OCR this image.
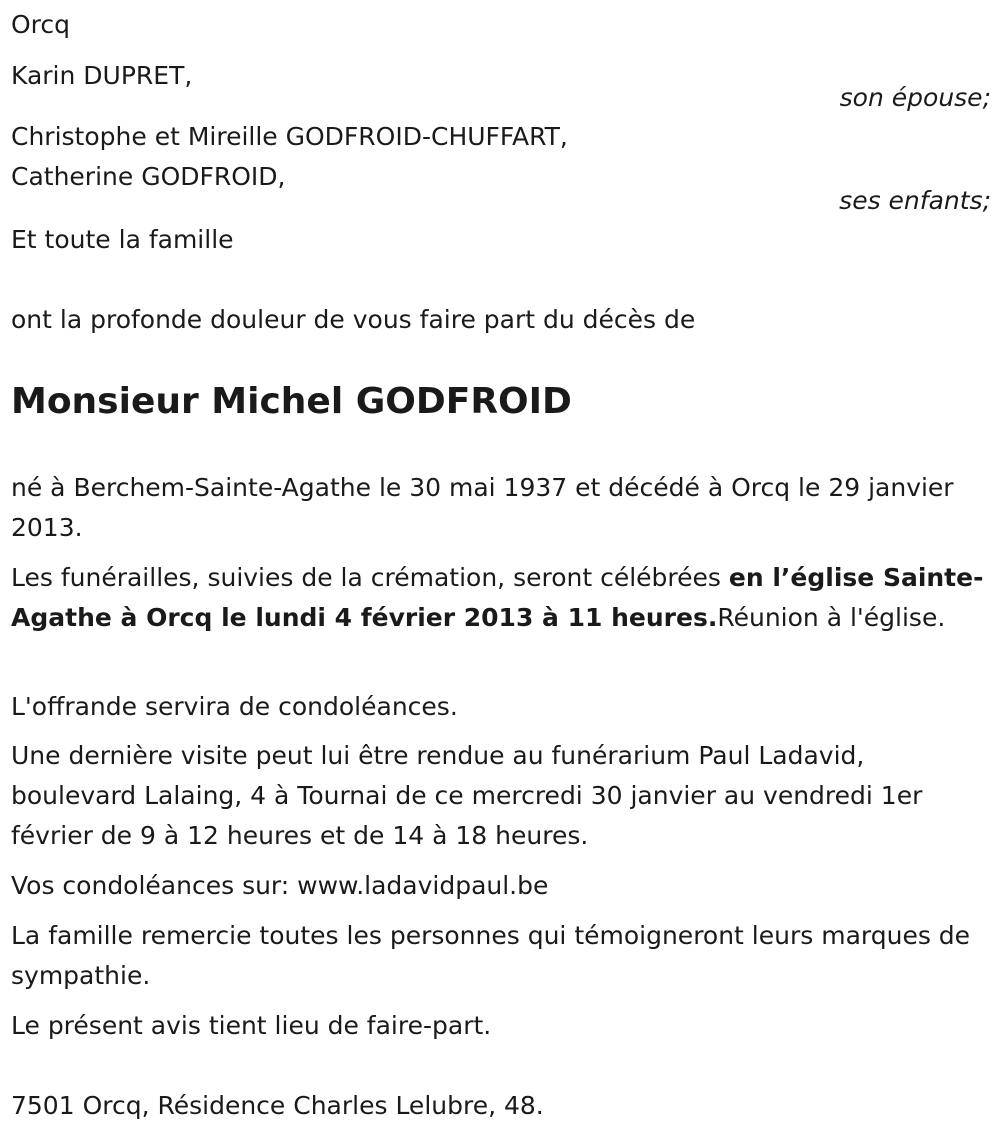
Orcq
Karin DUPRET,
son épouse;
Christophe et Mireille GODFROID-CHUFFART,
Catherine GODFROID,
ses enfants;
Et toute la famille
ont la profonde douleur de vous faire part du décès de
Monsieur Michel GODFROID
né à Berchem-Sainte-Agathe le 30 mai 1937 et décédé à Orcq le 29 janvier 2013.
Les funérailles, suivies de la crémation, seront célébrées en l’église Sainte-Agathe à Orcq le lundi 4 février 2013 à 11 heures.Réunion à l'église.
L'offrande servira de condoléances.
Une dernière visite peut lui être rendue au funérarium Paul Ladavid, boulevard Lalaing, 4 à Tournai de ce mercredi 30 janvier au vendredi 1er février de 9 à 12 heures et de 14 à 18 heures.
Vos condoléances sur: www.ladavidpaul.be
La famille remercie toutes les personnes qui témoigneront leurs marques de sympathie.
Le présent avis tient lieu de faire-part.
7501 Orcq, Résidence Charles Lelubre, 48.
